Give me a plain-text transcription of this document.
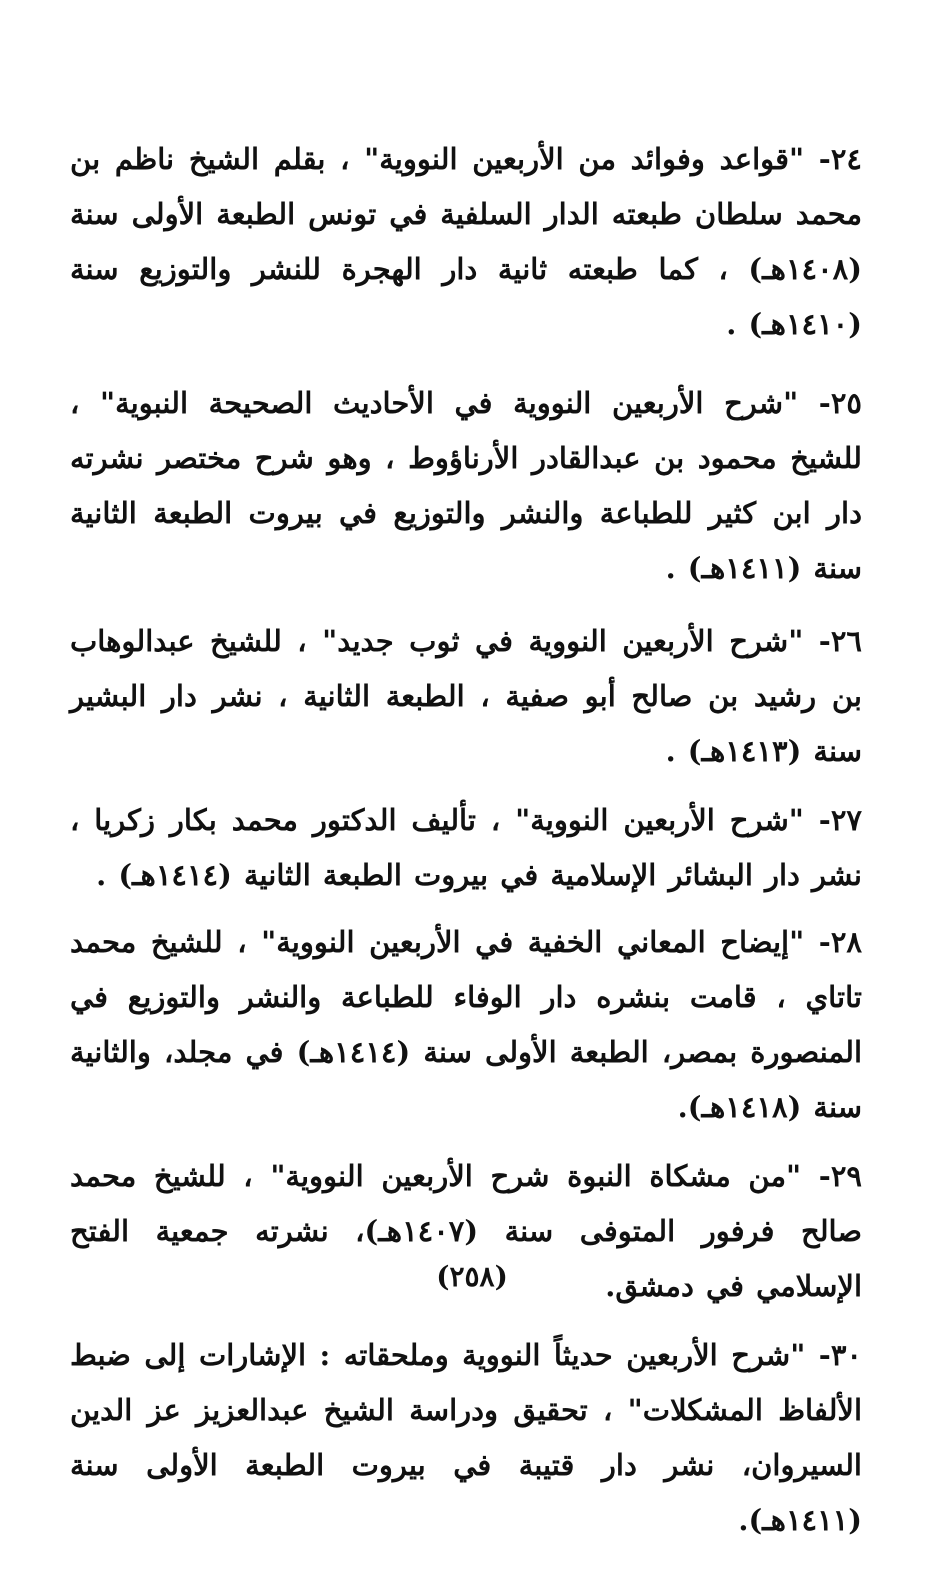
٢٤- "قواعد وفوائد من الأربعين النووية" ، بقلم الشيخ ناظم بن محمد سلطان طبعته الدار السلفية في تونس الطبعة الأولى سنة (١٤٠٨هـ) ، كما طبعته ثانية دار الهجرة للنشر والتوزيع سنة (١٤١٠هـ) .

٢٥- "شرح الأربعين النووية في الأحاديث الصحيحة النبوية" ، للشيخ محمود بن عبدالقادر الأرناؤوط ، وهو شرح مختصر نشرته دار ابن كثير للطباعة والنشر والتوزيع في بيروت الطبعة الثانية سنة (١٤١١هـ) .

٢٦- "شرح الأربعين النووية في ثوب جديد" ، للشيخ عبدالوهاب بن رشيد بن صالح أبو صفية ، الطبعة الثانية ، نشر دار البشير سنة (١٤١٣هـ) .

٢٧- "شرح الأربعين النووية" ، تأليف الدكتور محمد بكار زكريا ، نشر دار البشائر الإسلامية في بيروت الطبعة الثانية (١٤١٤هـ) .

٢٨- "إيضاح المعاني الخفية في الأربعين النووية" ، للشيخ محمد تاتاي ، قامت بنشره دار الوفاء للطباعة والنشر والتوزيع في المنصورة بمصر، الطبعة الأولى سنة (١٤١٤هـ) في مجلد، والثانية سنة (١٤١٨هـ).

٢٩- "من مشكاة النبوة شرح الأربعين النووية" ، للشيخ محمد صالح فرفور المتوفى سنة (١٤٠٧هـ)، نشرته جمعية الفتح الإسلامي في دمشق.

٣٠- "شرح الأربعين حديثاً النووية وملحقاته : الإشارات إلى ضبط الألفاظ المشكلات" ، تحقيق ودراسة الشيخ عبدالعزيز عز الدين السيروان، نشر دار قتيبة في بيروت الطبعة الأولى سنة (١٤١١هـ).

(٢٥٨)
